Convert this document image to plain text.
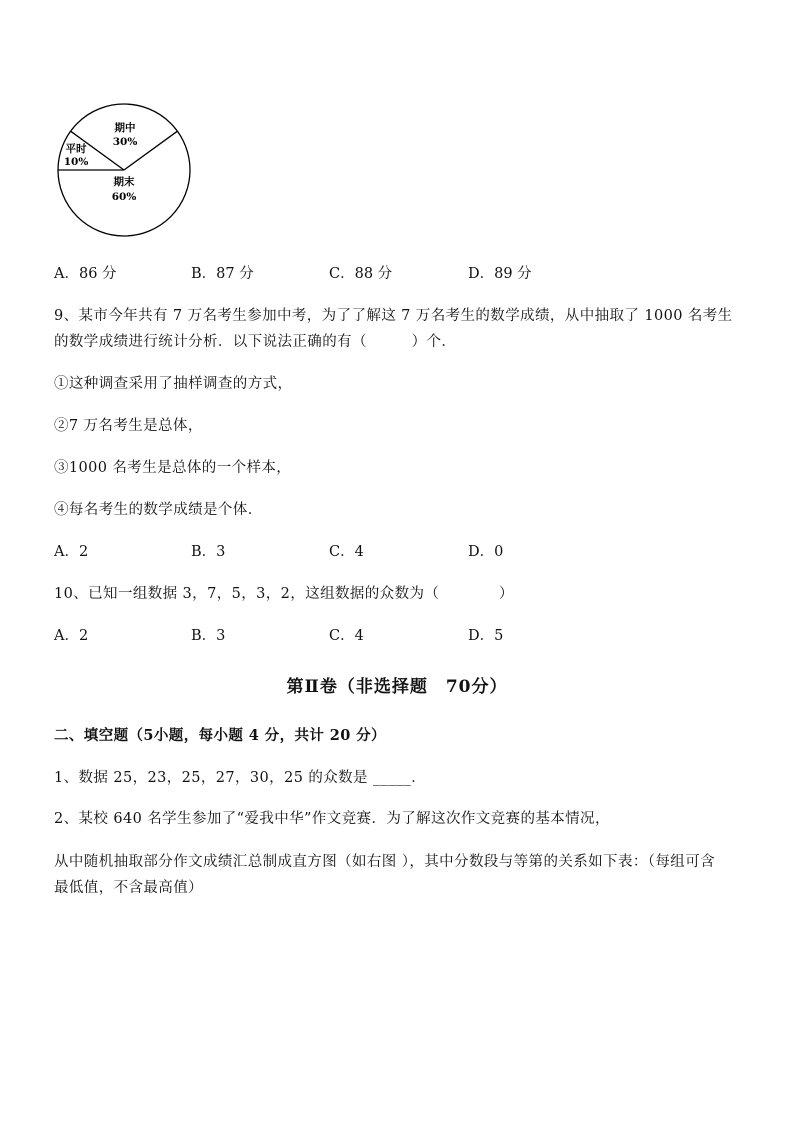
期中
30%
平时
10%
期末
60%
A．86 分	B．87 分	C．88 分	D．89 分
9、某市今年共有 7 万名考生参加中考，为了了解这 7 万名考生的数学成绩，从中抽取了 1000 名考生
的数学成绩进行统计分析．以下说法正确的有（　　　）个．
①这种调查采用了抽样调查的方式，
②7 万名考生是总体，
③1000 名考生是总体的一个样本，
④每名考生的数学成绩是个体．
A．2	B．3	C．4	D．0
10、已知一组数据 3，7，5，3，2，这组数据的众数为（　　　　）
A．2	B．3	C．4	D．5
第Ⅱ卷（非选择题　70分）
二、填空题（5小题，每小题 4 分，共计 20 分）
1、数据 25，23，25，27，30，25 的众数是 _____．
2、某校 640 名学生参加了“爱我中华”作文竞赛．为了解这次作文竞赛的基本情况，
从中随机抽取部分作文成绩汇总制成直方图（如右图 ），其中分数段与等第的关系如下表：（每组可含
最低值，不含最高值）
